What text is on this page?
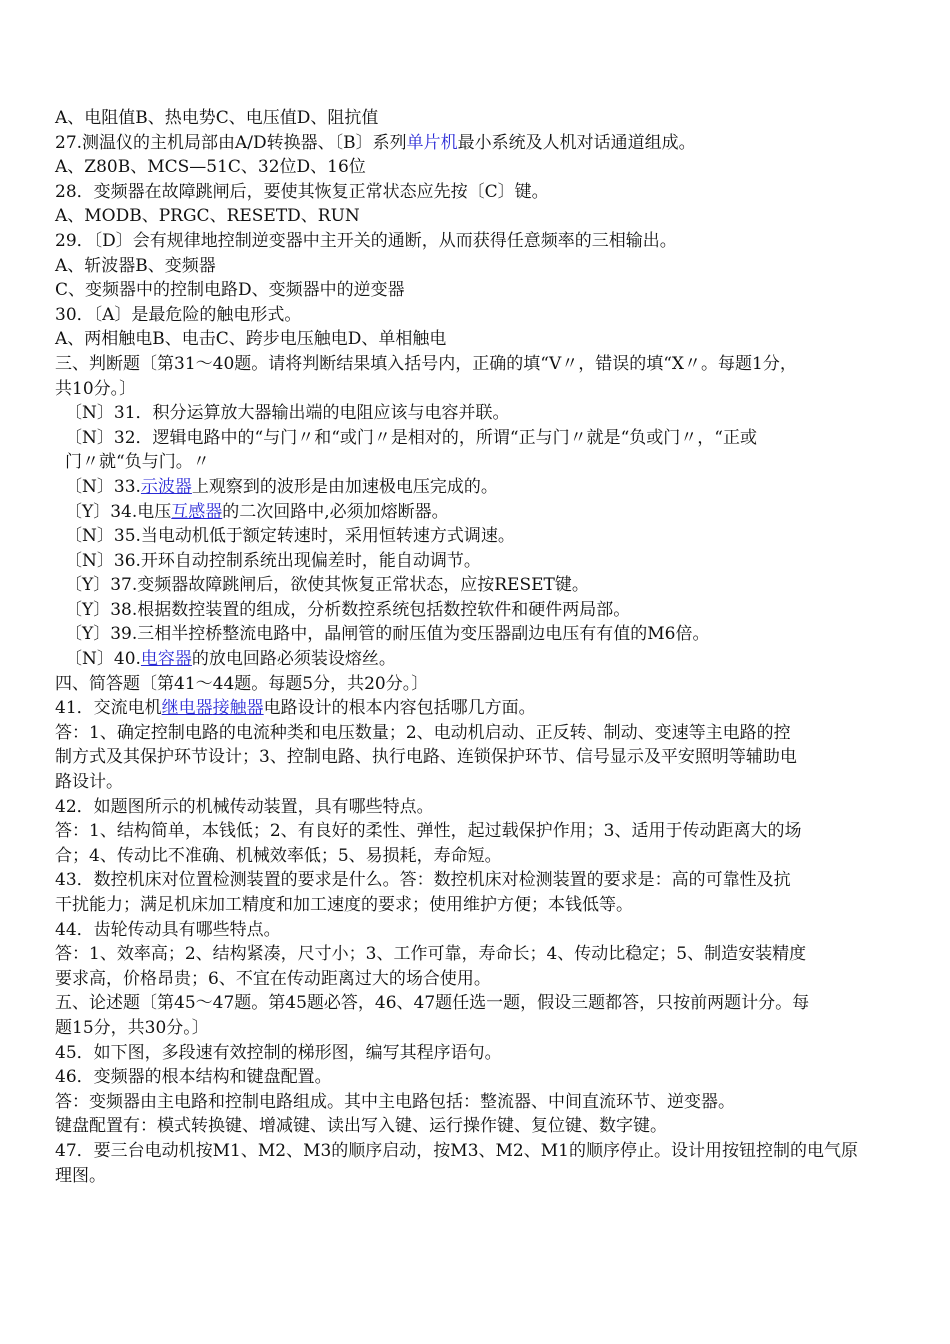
A、电阻值B、热电势C、电压值D、阻抗值

27.测温仪的主机局部由A/D转换器、〔B〕系列单片机最小系统及人机对话通道组成。

A、Z80B、MCS—51C、32位D、16位

28．变频器在故障跳闸后，要使其恢复正常状态应先按〔C〕键。

A、MODB、PRGC、RESETD、RUN

29．〔D〕会有规律地控制逆变器中主开关的通断，从而获得任意频率的三相输出。

A、斩波器B、变频器

C、变频器中的控制电路D、变频器中的逆变器

30．〔A〕是最危险的触电形式。

A、两相触电B、电击C、跨步电压触电D、单相触电

三、判断题〔第31～40题。请将判断结果填入括号内，正确的填“V〃，错误的填“X〃。每题1分，

共10分。〕

〔N〕31．积分运算放大器输出端的电阻应该与电容并联。

〔N〕32．逻辑电路中的“与门〃和“或门〃是相对的，所谓“正与门〃就是“负或门〃，“正或

门〃就“负与门。〃

〔N〕33.示波器上观察到的波形是由加速极电压完成的。

〔Y〕34.电压互感器的二次回路中,必须加熔断器。

〔N〕35.当电动机低于额定转速时，采用恒转速方式调速。

〔N〕36.开环自动控制系统出现偏差时，能自动调节。

〔Y〕37.变频器故障跳闸后，欲使其恢复正常状态，应按RESET键。

〔Y〕38.根据数控装置的组成，分析数控系统包括数控软件和硬件两局部。

〔Y〕39.三相半控桥整流电路中，晶闸管的耐压值为变压器副边电压有有值的M6倍。

〔N〕40.电容器的放电回路必须装设熔丝。

四、简答题〔第41～44题。每题5分，共20分。〕

41．交流电机继电器接触器电路设计的根本内容包括哪几方面。

答：1、确定控制电路的电流种类和电压数量；2、电动机启动、正反转、制动、变速等主电路的控

制方式及其保护环节设计；3、控制电路、执行电路、连锁保护环节、信号显示及平安照明等辅助电

路设计。

42．如题图所示的机械传动装置，具有哪些特点。

答：1、结构简单，本钱低；2、有良好的柔性、弹性，起过载保护作用；3、适用于传动距离大的场

合；4、传动比不准确、机械效率低；5、易损耗，寿命短。

43．数控机床对位置检测装置的要求是什么。答：数控机床对检测装置的要求是：高的可靠性及抗

干扰能力；满足机床加工精度和加工速度的要求；使用维护方便；本钱低等。

44．齿轮传动具有哪些特点。

答：1、效率高；2、结构紧凑，尺寸小；3、工作可靠，寿命长；4、传动比稳定；5、制造安装精度

要求高，价格昂贵；6、不宜在传动距离过大的场合使用。

五、论述题〔第45～47题。第45题必答，46、47题任选一题，假设三题都答，只按前两题计分。每

题15分，共30分。〕

45．如下图，多段速有效控制的梯形图，编写其程序语句。

46．变频器的根本结构和键盘配置。

答：变频器由主电路和控制电路组成。其中主电路包括：整流器、中间直流环节、逆变器。

键盘配置有：模式转换键、增减键、读出写入键、运行操作键、复位键、数字键。

47．要三台电动机按M1、M2、M3的顺序启动，按M3、M2、M1的顺序停止。设计用按钮控制的电气原

理图。
